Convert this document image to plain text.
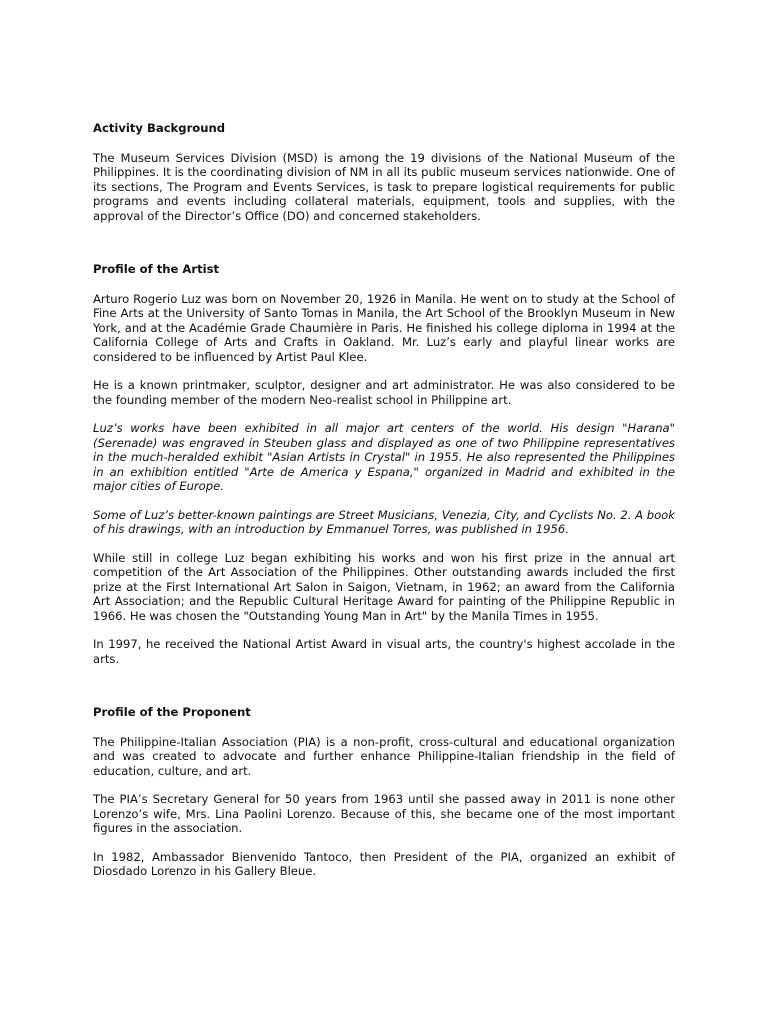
Activity Background

The Museum Services Division (MSD) is among the 19 divisions of the National Museum of the Philippines. It is the coordinating division of NM in all its public museum services nationwide. One of its sections, The Program and Events Services, is task to prepare logistical requirements for public programs and events including collateral materials, equipment, tools and supplies, with the approval of the Director’s Office (DO) and concerned stakeholders.

Profile of the Artist

Arturo Rogerio Luz was born on November 20, 1926 in Manila. He went on to study at the School of Fine Arts at the University of Santo Tomas in Manila, the Art School of the Brooklyn Museum in New York, and at the Académie Grade Chaumière in Paris. He finished his college diploma in 1994 at the California College of Arts and Crafts in Oakland. Mr. Luz’s early and playful linear works are considered to be influenced by Artist Paul Klee.

He is a known printmaker, sculptor, designer and art administrator. He was also considered to be the founding member of the modern Neo-realist school in Philippine art.

Luz’s works have been exhibited in all major art centers of the world. His design "Harana" (Serenade) was engraved in Steuben glass and displayed as one of two Philippine representatives in the much-heralded exhibit "Asian Artists in Crystal" in 1955. He also represented the Philippines in an exhibition entitled "Arte de America y Espana," organized in Madrid and exhibited in the major cities of Europe.

Some of Luz’s better-known paintings are Street Musicians, Venezia, City, and Cyclists No. 2. A book of his drawings, with an introduction by Emmanuel Torres, was published in 1956.

While still in college Luz began exhibiting his works and won his first prize in the annual art competition of the Art Association of the Philippines. Other outstanding awards included the first prize at the First International Art Salon in Saigon, Vietnam, in 1962; an award from the California Art Association; and the Republic Cultural Heritage Award for painting of the Philippine Republic in 1966. He was chosen the "Outstanding Young Man in Art" by the Manila Times in 1955.

In 1997, he received the National Artist Award in visual arts, the country's highest accolade in the arts.

Profile of the Proponent

The Philippine-Italian Association (PIA) is a non-profit, cross-cultural and educational organization and was created to advocate and further enhance Philippine-Italian friendship in the field of education, culture, and art.

The PIA’s Secretary General for 50 years from 1963 until she passed away in 2011 is none other Lorenzo’s wife, Mrs. Lina Paolini Lorenzo. Because of this, she became one of the most important figures in the association.

In 1982, Ambassador Bienvenido Tantoco, then President of the PIA, organized an exhibit of Diosdado Lorenzo in his Gallery Bleue.
